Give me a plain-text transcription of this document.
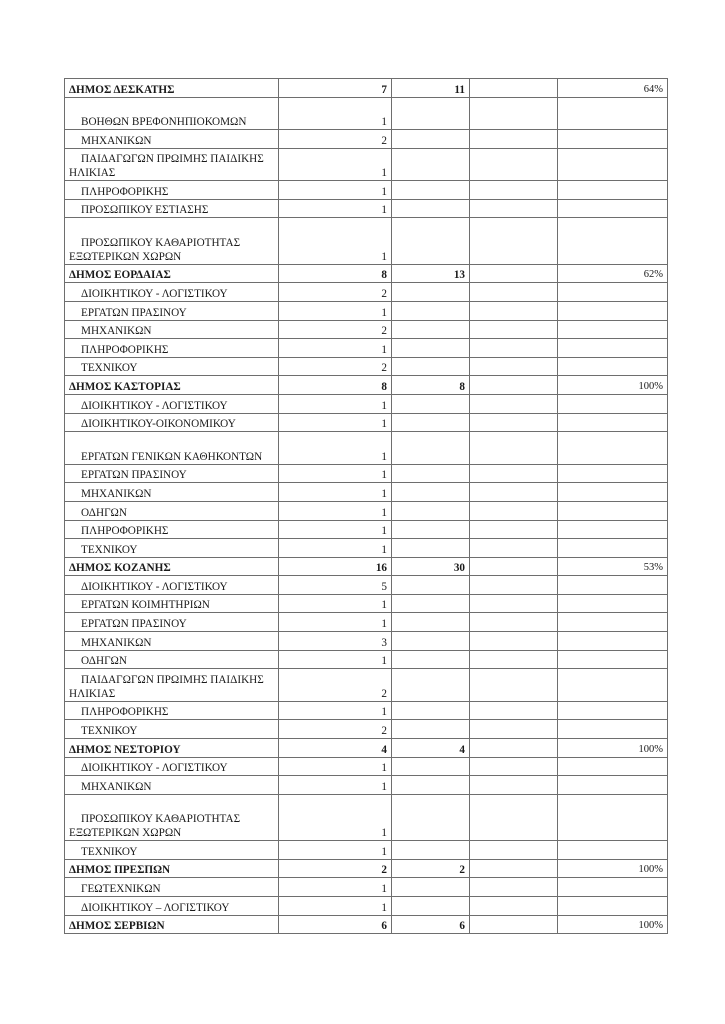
ΔΗΜΟΣ ΔΕΣΚΑΤΗΣ	7	11		64%

ΒΟΗΘΩΝ ΒΡΕΦΟΝΗΠΙΟΚΟΜΩΝ	1			

ΜΗΧΑΝΙΚΩΝ	2			

ΠΑΙΔΑΓΩΓΩΝ ΠΡΩΙΜΗΣ ΠΑΙΔΙΚΗΣ ΗΛΙΚΙΑΣ	1			

ΠΛΗΡΟΦΟΡΙΚΗΣ	1			

ΠΡΟΣΩΠΙΚΟΥ ΕΣΤΙΑΣΗΣ	1			

ΠΡΟΣΩΠΙΚΟΥ ΚΑΘΑΡΙΟΤΗΤΑΣ ΕΞΩΤΕΡΙΚΩΝ ΧΩΡΩΝ	1			
ΔΗΜΟΣ ΕΟΡΔΑΙΑΣ	8	13		62%

ΔΙΟΙΚΗΤΙΚΟΥ - ΛΟΓΙΣΤΙΚΟΥ	2			

ΕΡΓΑΤΩΝ ΠΡΑΣΙΝΟΥ	1			

ΜΗΧΑΝΙΚΩΝ	2			

ΠΛΗΡΟΦΟΡΙΚΗΣ	1			

ΤΕΧΝΙΚΟΥ	2			
ΔΗΜΟΣ ΚΑΣΤΟΡΙΑΣ	8	8		100%

ΔΙΟΙΚΗΤΙΚΟΥ - ΛΟΓΙΣΤΙΚΟΥ	1			

ΔΙΟΙΚΗΤΙΚΟΥ-ΟΙΚΟΝΟΜΙΚΟΥ	1			

ΕΡΓΑΤΩΝ ΓΕΝΙΚΩΝ ΚΑΘΗΚΟΝΤΩΝ	1			

ΕΡΓΑΤΩΝ ΠΡΑΣΙΝΟΥ	1			

ΜΗΧΑΝΙΚΩΝ	1			

ΟΔΗΓΩΝ	1			

ΠΛΗΡΟΦΟΡΙΚΗΣ	1			

ΤΕΧΝΙΚΟΥ	1			
ΔΗΜΟΣ ΚΟΖΑΝΗΣ	16	30		53%

ΔΙΟΙΚΗΤΙΚΟΥ - ΛΟΓΙΣΤΙΚΟΥ	5			

ΕΡΓΑΤΩΝ ΚΟΙΜΗΤΗΡΙΩΝ	1			

ΕΡΓΑΤΩΝ ΠΡΑΣΙΝΟΥ	1			

ΜΗΧΑΝΙΚΩΝ	3			

ΟΔΗΓΩΝ	1			

ΠΑΙΔΑΓΩΓΩΝ ΠΡΩΙΜΗΣ ΠΑΙΔΙΚΗΣ ΗΛΙΚΙΑΣ	2			

ΠΛΗΡΟΦΟΡΙΚΗΣ	1			

ΤΕΧΝΙΚΟΥ	2			
ΔΗΜΟΣ ΝΕΣΤΟΡΙΟΥ	4	4		100%

ΔΙΟΙΚΗΤΙΚΟΥ - ΛΟΓΙΣΤΙΚΟΥ	1			

ΜΗΧΑΝΙΚΩΝ	1			

ΠΡΟΣΩΠΙΚΟΥ ΚΑΘΑΡΙΟΤΗΤΑΣ ΕΞΩΤΕΡΙΚΩΝ ΧΩΡΩΝ	1			

ΤΕΧΝΙΚΟΥ	1			
ΔΗΜΟΣ ΠΡΕΣΠΩΝ	2	2		100%

ΓΕΩΤΕΧΝΙΚΩΝ	1			

ΔΙΟΙΚΗΤΙΚΟΥ – ΛΟΓΙΣΤΙΚΟΥ	1			
ΔΗΜΟΣ ΣΕΡΒΙΩΝ	6	6		100%
